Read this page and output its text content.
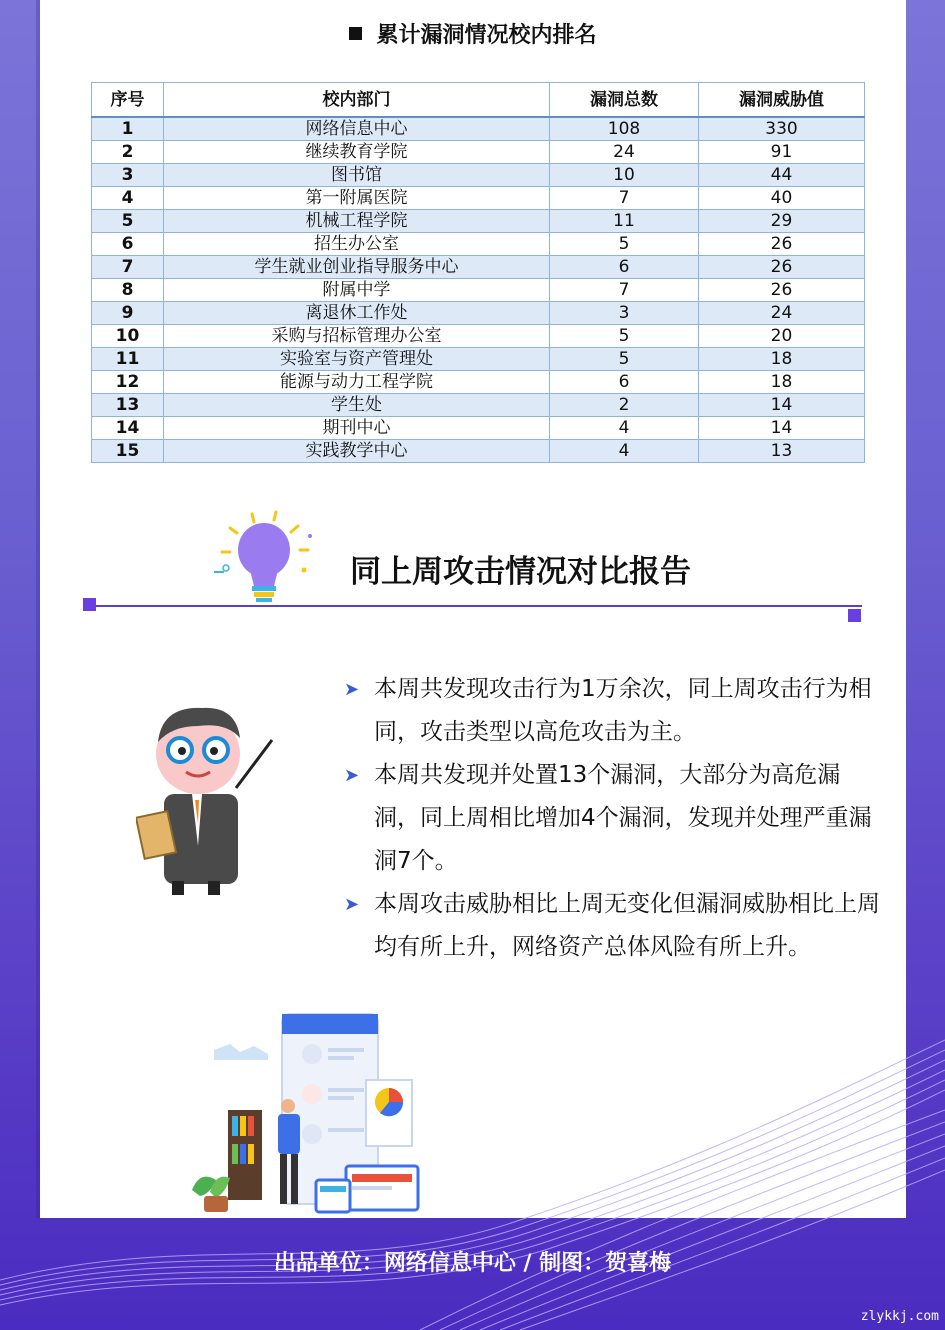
累计漏洞情况校内排名
序号	校内部门	漏洞总数	漏洞威胁值
1	网络信息中心	108	330
2	继续教育学院	24	91
3	图书馆	10	44
4	第一附属医院	7	40
5	机械工程学院	11	29
6	招生办公室	5	26
7	学生就业创业指导服务中心	6	26
8	附属中学	7	26
9	离退休工作处	3	24
10	采购与招标管理办公室	5	20
11	实验室与资产管理处	5	18
12	能源与动力工程学院	6	18
13	学生处	2	14
14	期刊中心	4	14
15	实践教学中心	4	13
同上周攻击情况对比报告
➤ 本周共发现攻击行为1万余次，同上周攻击行为相同，攻击类型以高危攻击为主。
➤ 本周共发现并处置13个漏洞，大部分为高危漏洞，同上周相比增加4个漏洞，发现并处理严重漏洞7个。
➤ 本周攻击威胁相比上周无变化但漏洞威胁相比上周均有所上升，网络资产总体风险有所上升。
出品单位：网络信息中心 / 制图：贺喜梅
zlykkj.com
